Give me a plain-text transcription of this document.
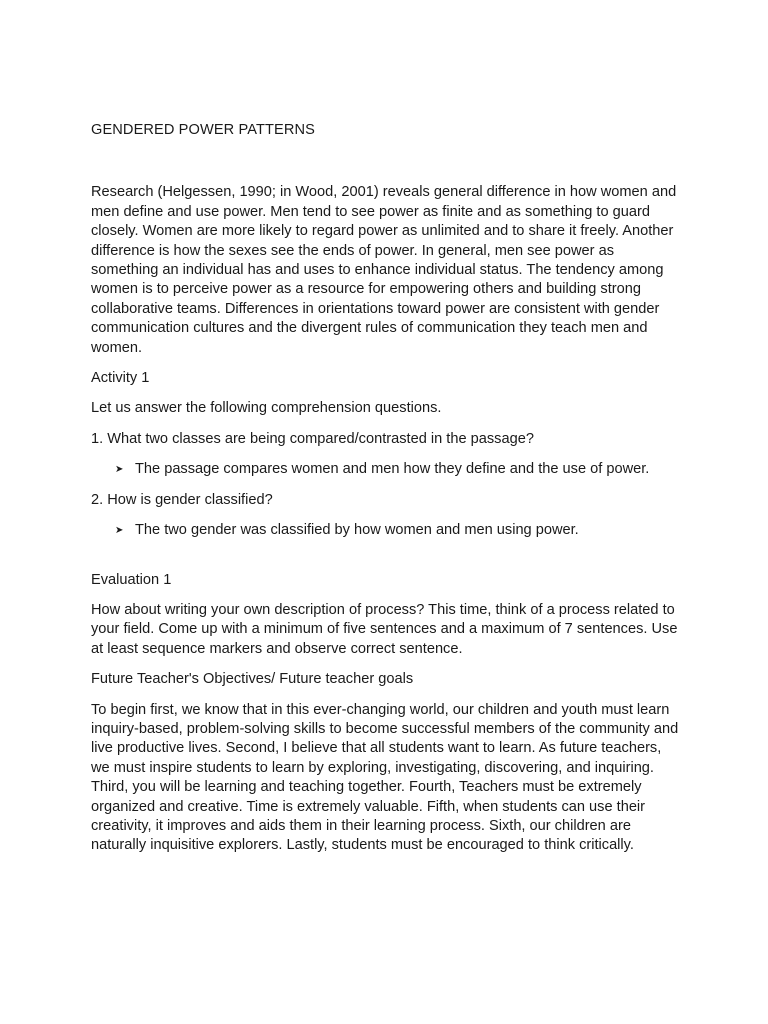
GENDERED POWER PATTERNS

Research (Helgessen, 1990; in Wood, 2001) reveals general difference in how women and men define and use power. Men tend to see power as finite and as something to guard closely. Women are more likely to regard power as unlimited and to share it freely. Another difference is how the sexes see the ends of power. In general, men see power as something an individual has and uses to enhance individual status. The tendency among women is to perceive power as a resource for empowering others and building strong collaborative teams. Differences in orientations toward power are consistent with gender communication cultures and the divergent rules of communication they teach men and women.

Activity 1

Let us answer the following comprehension questions.

1. What two classes are being compared/contrasted in the passage?

➤ The passage compares women and men how they define and the use of power.

2. How is gender classified?

➤ The two gender was classified by how women and men using power.

Evaluation 1

How about writing your own description of process? This time, think of a process related to your field. Come up with a minimum of five sentences and a maximum of 7 sentences. Use at least sequence markers and observe correct sentence.

Future Teacher's Objectives/ Future teacher goals

To begin first, we know that in this ever-changing world, our children and youth must learn inquiry-based, problem-solving skills to become successful members of the community and live productive lives. Second, I believe that all students want to learn. As future teachers, we must inspire students to learn by exploring, investigating, discovering, and inquiring. Third, you will be learning and teaching together. Fourth, Teachers must be extremely organized and creative. Time is extremely valuable. Fifth, when students can use their creativity, it improves and aids them in their learning process. Sixth, our children are naturally inquisitive explorers. Lastly, students must be encouraged to think critically.
